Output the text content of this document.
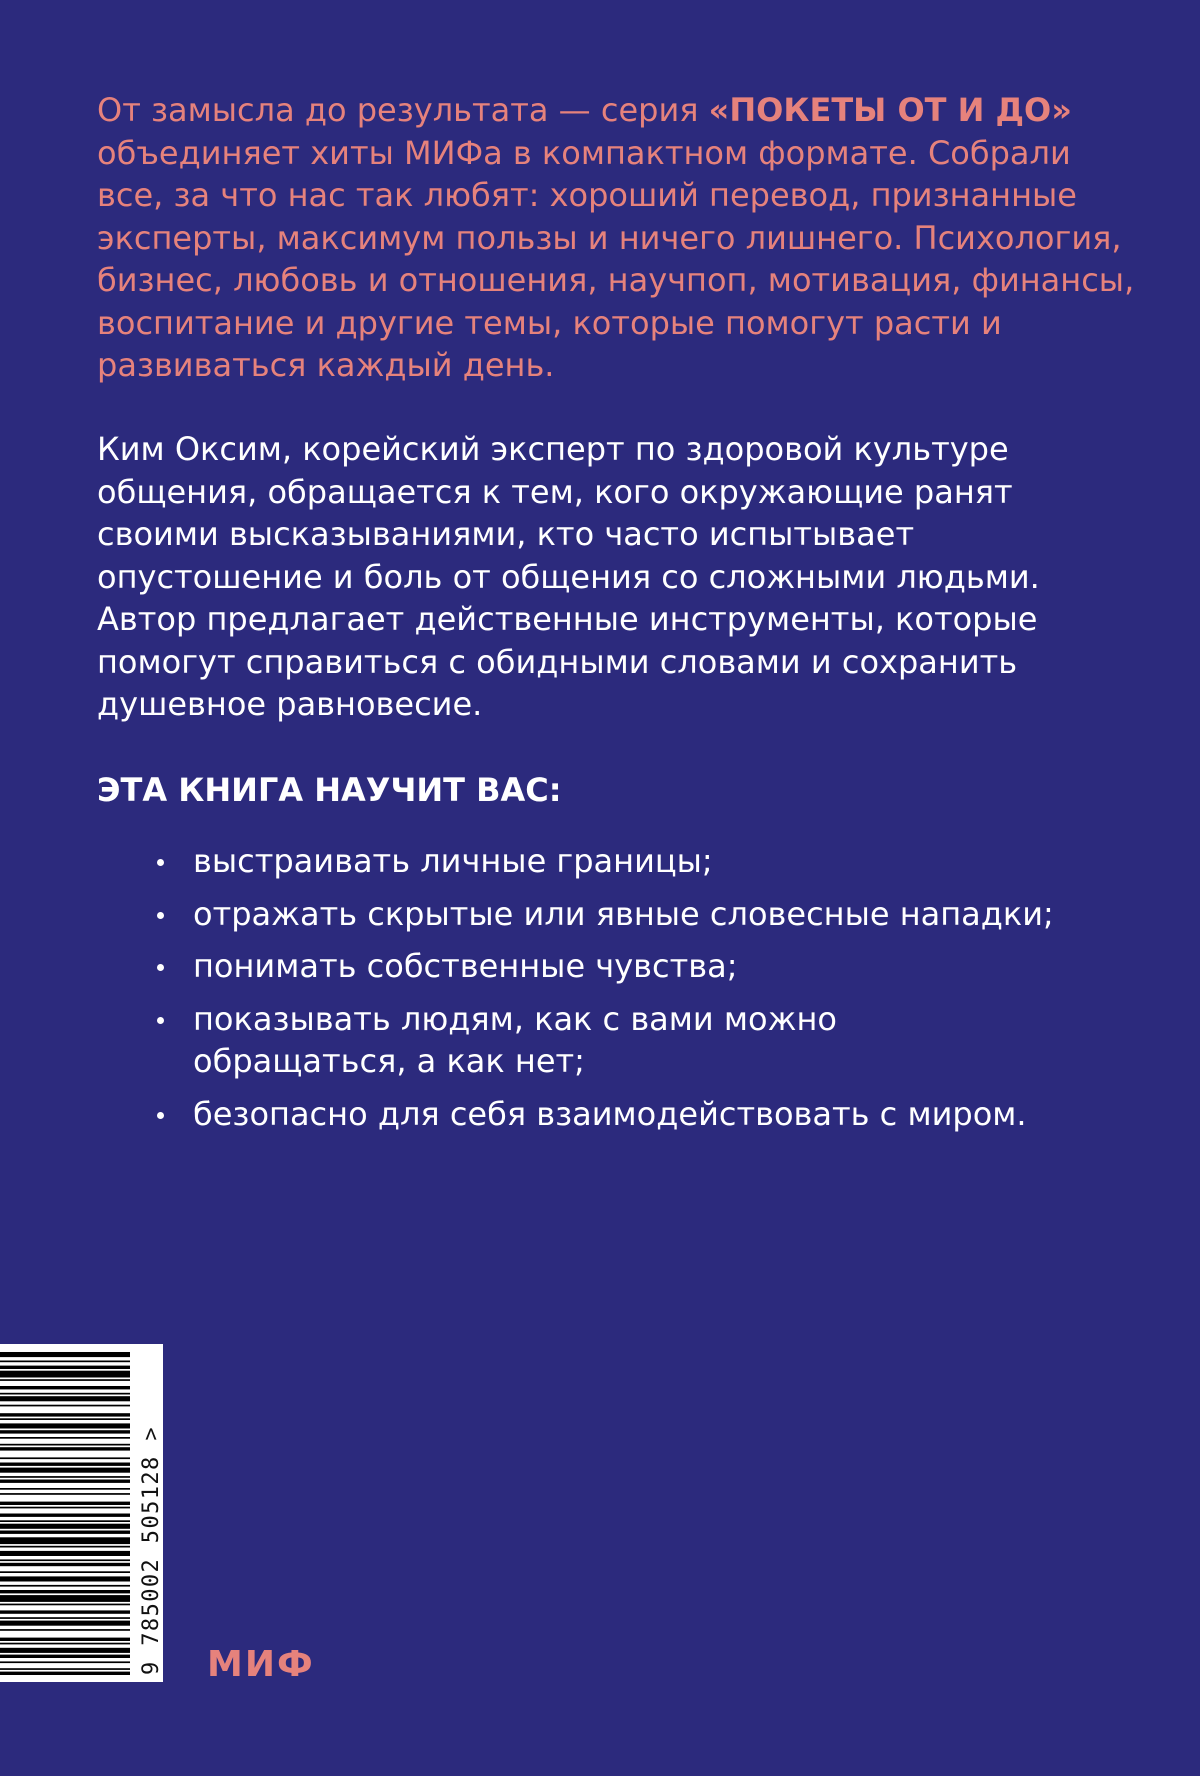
От замысла до результата — серия «ПОКЕТЫ ОТ И ДО» объединяет хиты МИФа в компактном формате. Собрали все, за что нас так любят: хороший перевод, признанные эксперты, максимум пользы и ничего лишнего. Психология, бизнес, любовь и отношения, научпоп, мотивация, финансы, воспитание и другие темы, которые помогут расти и развиваться каждый день.

Ким Оксим, корейский эксперт по здоровой культуре общения, обращается к тем, кого окружающие ранят своими высказываниями, кто часто испытывает опустошение и боль от общения со сложными людьми. Автор предлагает действенные инструменты, которые помогут справиться с обидными словами и сохранить душевное равновесие.

ЭТА КНИГА НАУЧИТ ВАС:
выстраивать личные границы;
отражать скрытые или явные словесные нападки;
понимать собственные чувства;
показывать людям, как с вами можно обращаться, а как нет;
безопасно для себя взаимодействовать с миром.
9 785002 505128 > МИФ
